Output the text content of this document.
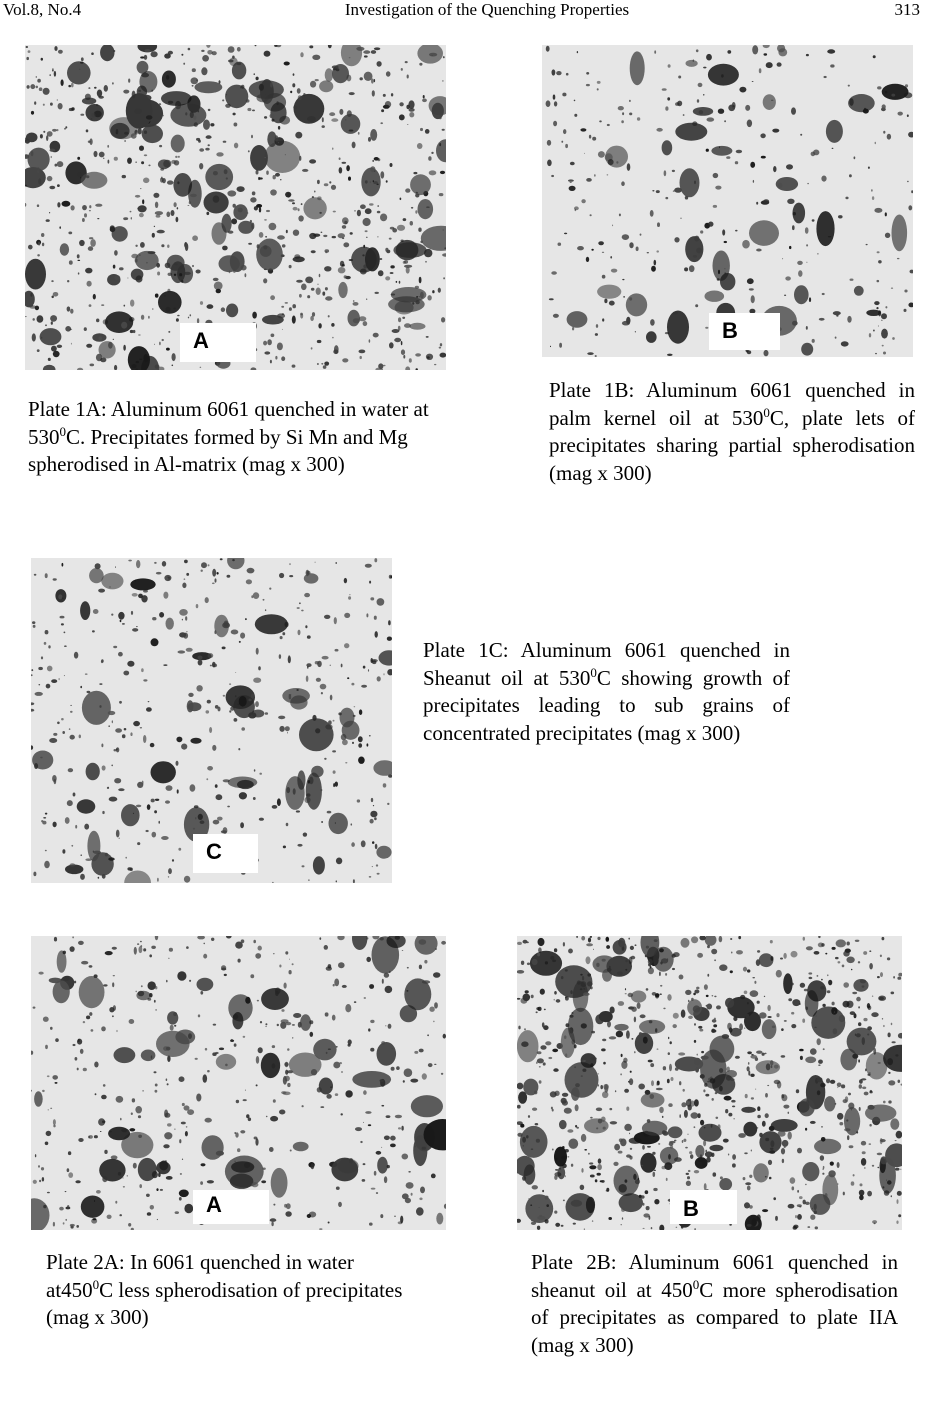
Vol.8, No.4	Investigation of the Quenching Properties	313
A	B
C
A	B
Plate 1A: Aluminum 6061 quenched in water at $530^0C$. Precipitates formed by Si Mn and Mg spherodised in Al-matrix (mag x 300)
Plate 1B: Aluminum 6061 quenched in palm kernel oil at $530^0C$, plate lets of precipitates sharing partial spherodisation (mag x 300)
Plate 1C: Aluminum 6061 quenched in Sheanut oil at $530^0C$ showing growth of precipitates leading to sub grains of concentrated precipitates (mag x 300)
Plate 2A: In 6061 quenched in water $at450^0C$ less spherodisation of precipitates (mag x 300)
Plate 2B: Aluminum 6061 quenched in sheanut oil at $450^0C$ more spherodisation of precipitates as compared to plate IIA (mag x 300)
